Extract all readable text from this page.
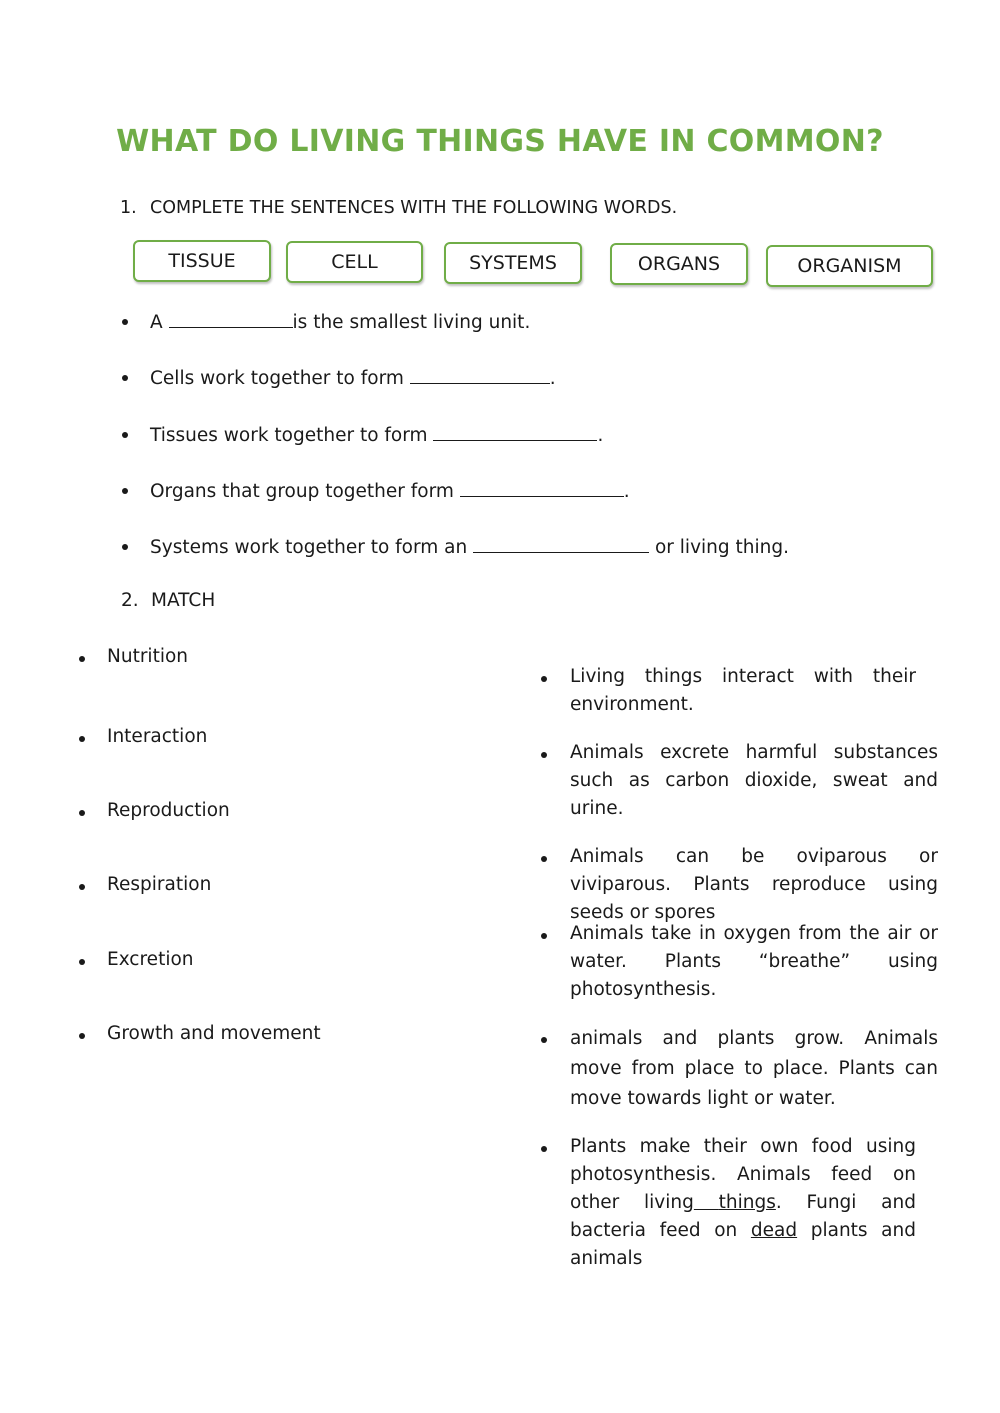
WHAT DO LIVING THINGS HAVE IN COMMON?
1. COMPLETE THE SENTENCES WITH THE FOLLOWING WORDS.
TISSUE	CELL	SYSTEMS	ORGANS	ORGANISM
A	is the smallest living unit.
Cells work together to form	.
Tissues work together to form	.
Organs that group together form	.
Systems work together to form an	or living thing.
2. MATCH
Nutrition
Interaction
Reproduction
Respiration
Excretion
Growth and movement
Living things interact with their environment.
Animals excrete harmful substances such as carbon dioxide, sweat and urine.
Animals can be oviparous or viviparous. Plants reproduce using seeds or spores
Animals take in oxygen from the air or water. Plants “breathe” using photosynthesis.
animals and plants grow. Animals move from place to place. Plants can move towards light or water.
Plants make their own food using photosynthesis. Animals feed on other living things. Fungi and bacteria feed on dead plants and animals
